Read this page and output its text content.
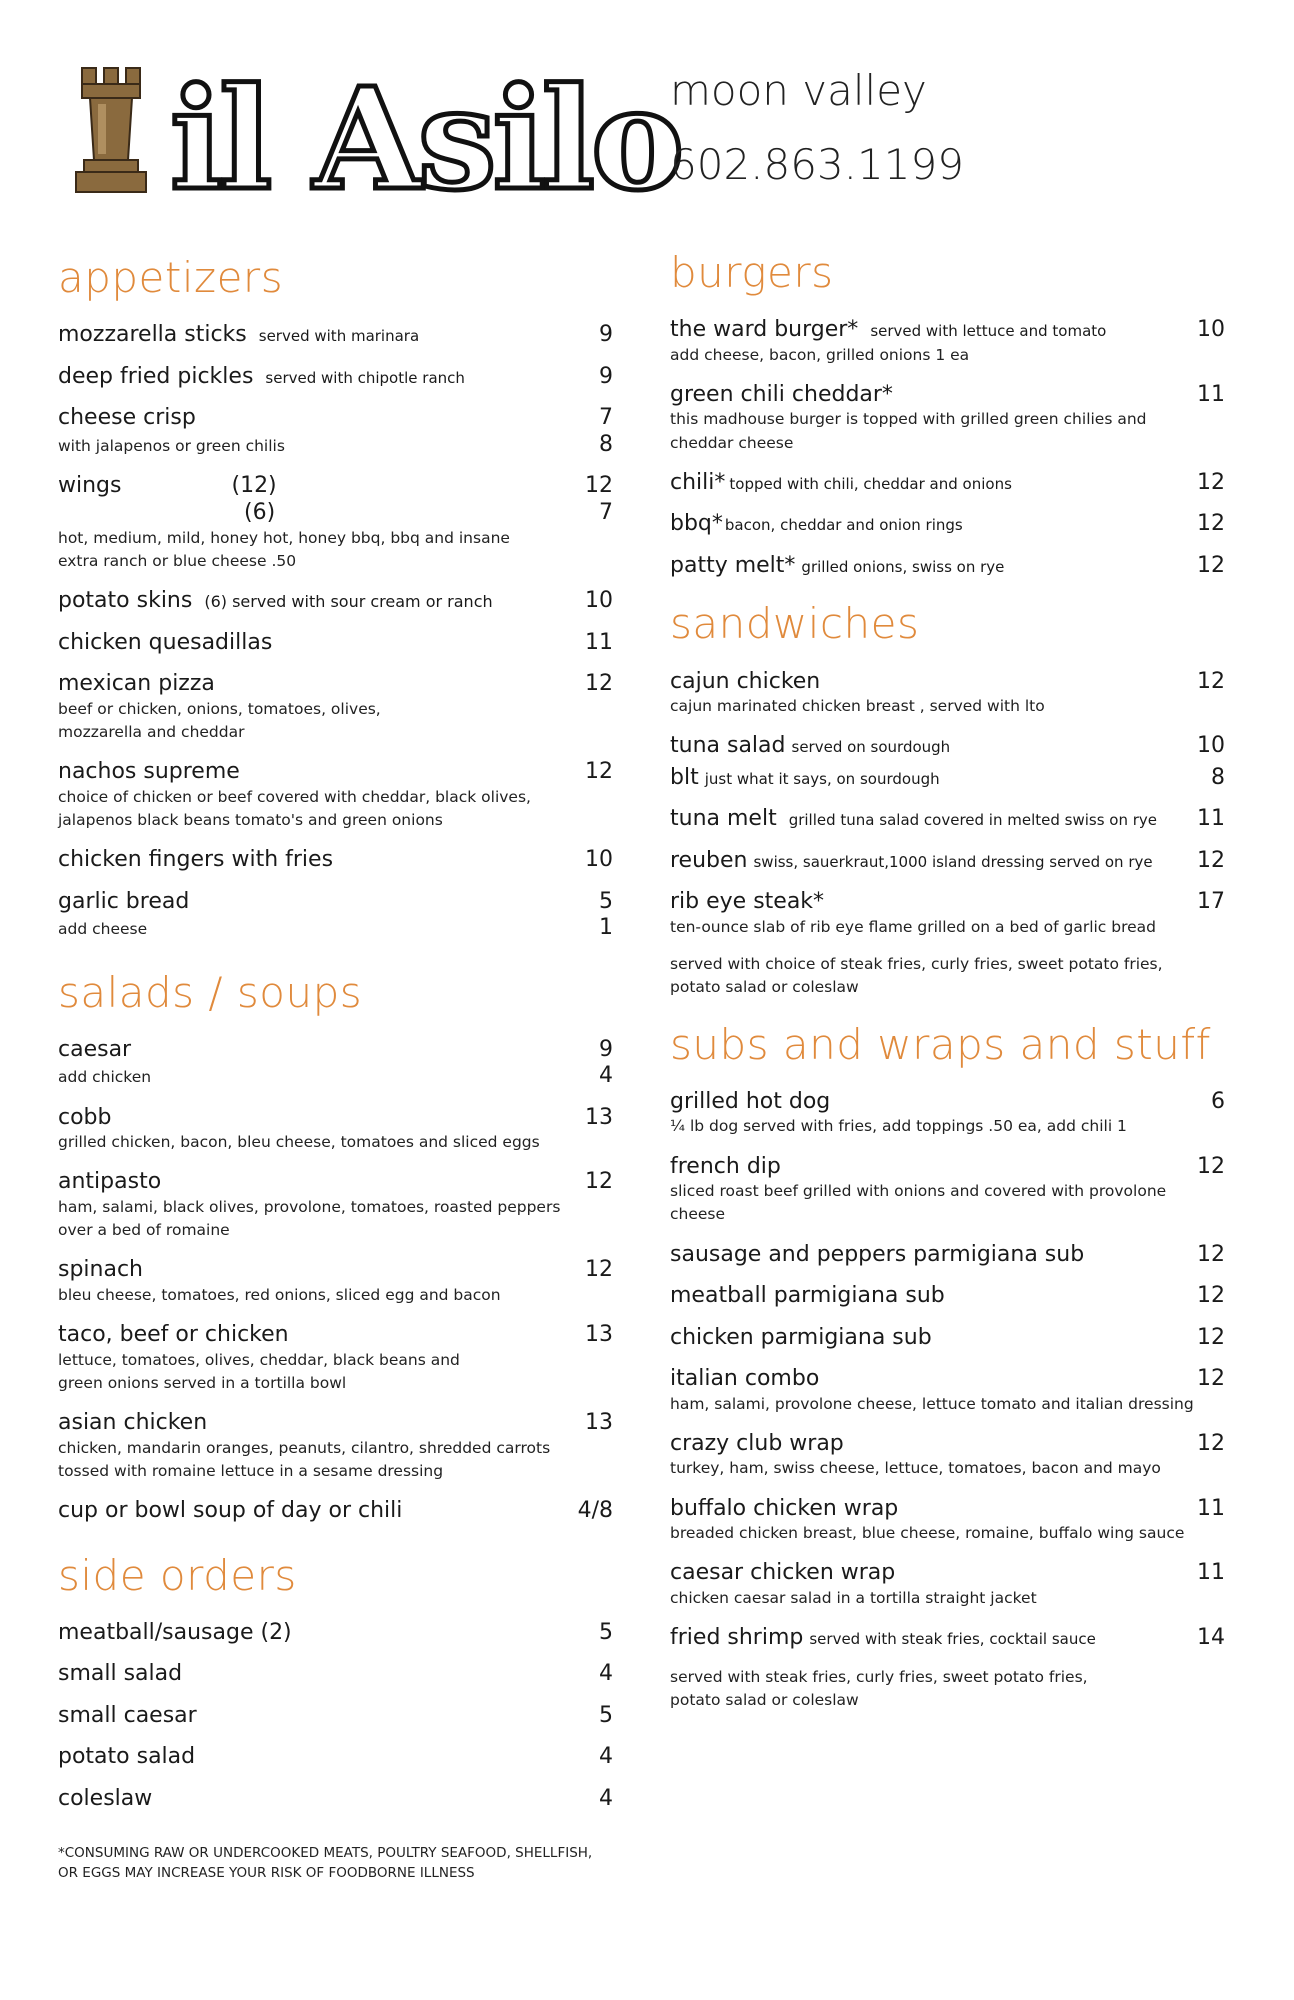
il Asilo
moon valley
602.863.1199
appetizers
mozzarella sticks served with marinara	9
deep fried pickles served with chipotle ranch	9
cheese crisp	7
with jalapenos or green chilis	8
wings	(12)	12
(6)	7
hot, medium, mild, honey hot, honey bbq, bbq and insane
extra ranch or blue cheese .50
potato skins (6) served with sour cream or ranch	10
chicken quesadillas	11
mexican pizza	12
beef or chicken, onions, tomatoes, olives,
mozzarella and cheddar
nachos supreme	12
choice of chicken or beef covered with cheddar, black olives,
jalapenos black beans tomato's and green onions
chicken fingers with fries	10
garlic bread	5
add cheese	1
salads / soups
caesar	9
add chicken	4
cobb	13
grilled chicken, bacon, bleu cheese, tomatoes and sliced eggs
antipasto	12
ham, salami, black olives, provolone, tomatoes, roasted peppers
over a bed of romaine
spinach	12
bleu cheese, tomatoes, red onions, sliced egg and bacon
taco, beef or chicken	13
lettuce, tomatoes, olives, cheddar, black beans and
green onions served in a tortilla bowl
asian chicken	13
chicken, mandarin oranges, peanuts, cilantro, shredded carrots
tossed with romaine lettuce in a sesame dressing
cup or bowl soup of day or chili	4/8
side orders
meatball/sausage (2)	5
small salad	4
small caesar	5
potato salad	4
coleslaw	4
*CONSUMING RAW OR UNDERCOOKED MEATS, POULTRY SEAFOOD, SHELLFISH,
OR EGGS MAY INCREASE YOUR RISK OF FOODBORNE ILLNESS
burgers
the ward burger* served with lettuce and tomato	10
add cheese, bacon, grilled onions 1 ea
green chili cheddar*	11
this madhouse burger is topped with grilled green chilies and
cheddar cheese
chili* topped with chili, cheddar and onions	12
bbq* bacon, cheddar and onion rings	12
patty melt* grilled onions, swiss on rye	12
sandwiches
cajun chicken	12
cajun marinated chicken breast , served with lto
tuna salad served on sourdough	10
blt just what it says, on sourdough	8
tuna melt grilled tuna salad covered in melted swiss on rye 11
reuben swiss, sauerkraut,1000 island dressing served on rye 12
rib eye steak*	17
ten-ounce slab of rib eye flame grilled on a bed of garlic bread
served with choice of steak fries, curly fries, sweet potato fries,
potato salad or coleslaw
subs and wraps and stuff
grilled hot dog	6
¼ lb dog served with fries, add toppings .50 ea, add chili 1
french dip	12
sliced roast beef grilled with onions and covered with provolone
cheese
sausage and peppers parmigiana sub	12
meatball parmigiana sub	12
chicken parmigiana sub	12
italian combo	12
ham, salami, provolone cheese, lettuce tomato and italian dressing
crazy club wrap	12
turkey, ham, swiss cheese, lettuce, tomatoes, bacon and mayo
buffalo chicken wrap	11
breaded chicken breast, blue cheese, romaine, buffalo wing sauce
caesar chicken wrap	11
chicken caesar salad in a tortilla straight jacket
fried shrimp served with steak fries, cocktail sauce	14
served with steak fries, curly fries, sweet potato fries,
potato salad or coleslaw
